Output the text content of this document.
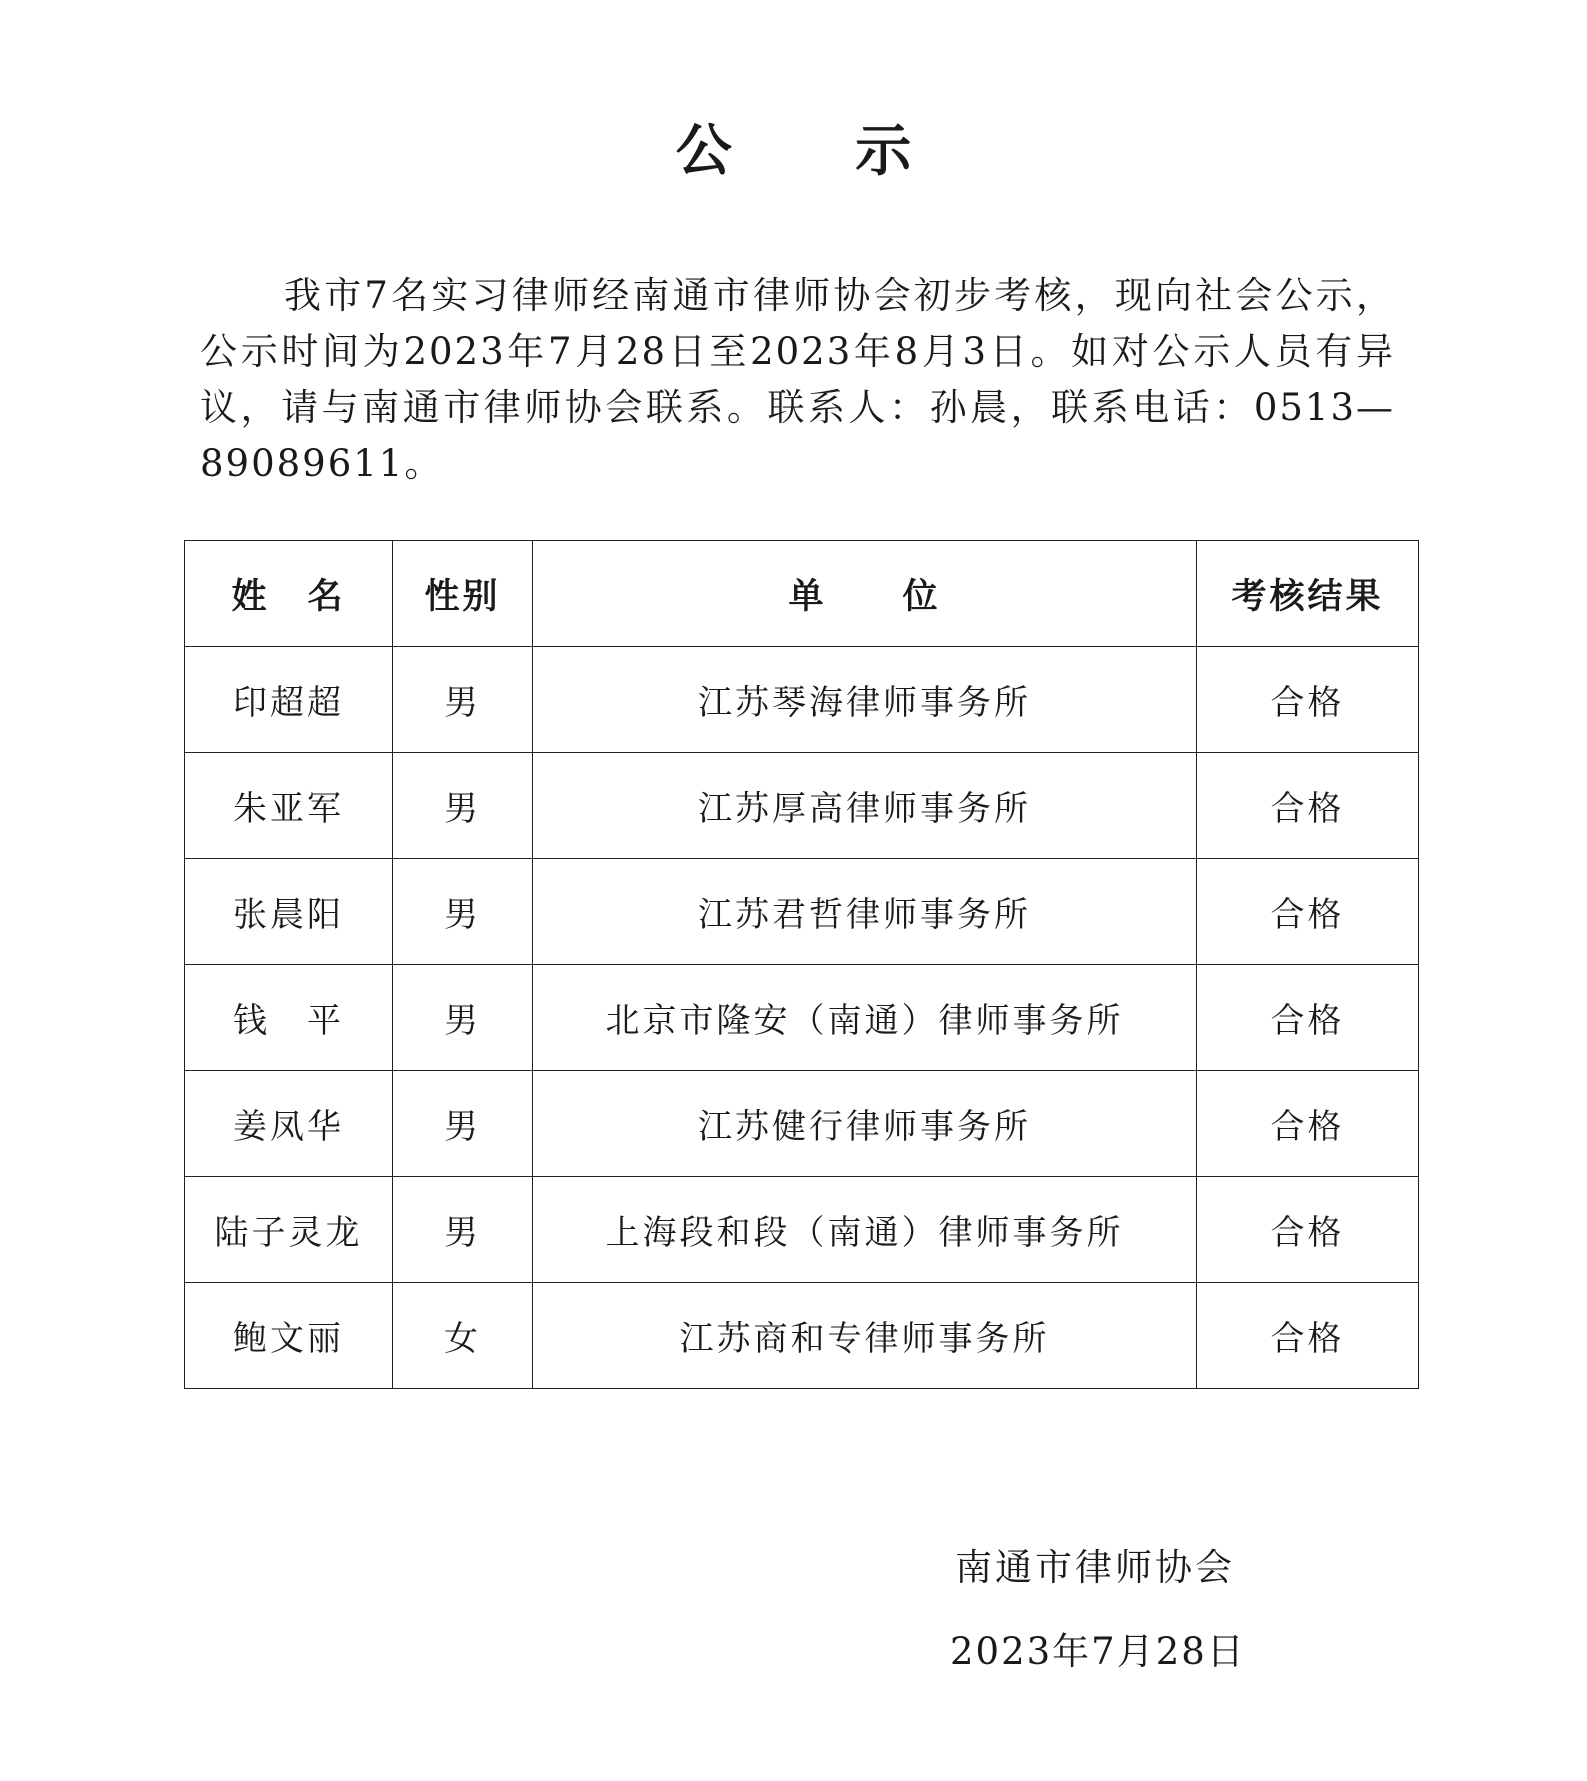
公 示
我市7名实习律师经南通市律师协会初步考核，现向社会公示，公示时间为2023年7月28日至2023年8月3日。如对公示人员有异议，请与南通市律师协会联系。联系人：孙晨，联系电话：0513—89089611。
姓　名	性别	单　　位	考核结果
印超超	男	江苏琴海律师事务所	合格
朱亚军	男	江苏厚高律师事务所	合格
张晨阳	男	江苏君哲律师事务所	合格
钱　平	男	北京市隆安（南通）律师事务所	合格
姜凤华	男	江苏健行律师事务所	合格
陆子灵龙	男	上海段和段（南通）律师事务所	合格
鲍文丽	女	江苏商和专律师事务所	合格
南通市律师协会
2023年7月28日
